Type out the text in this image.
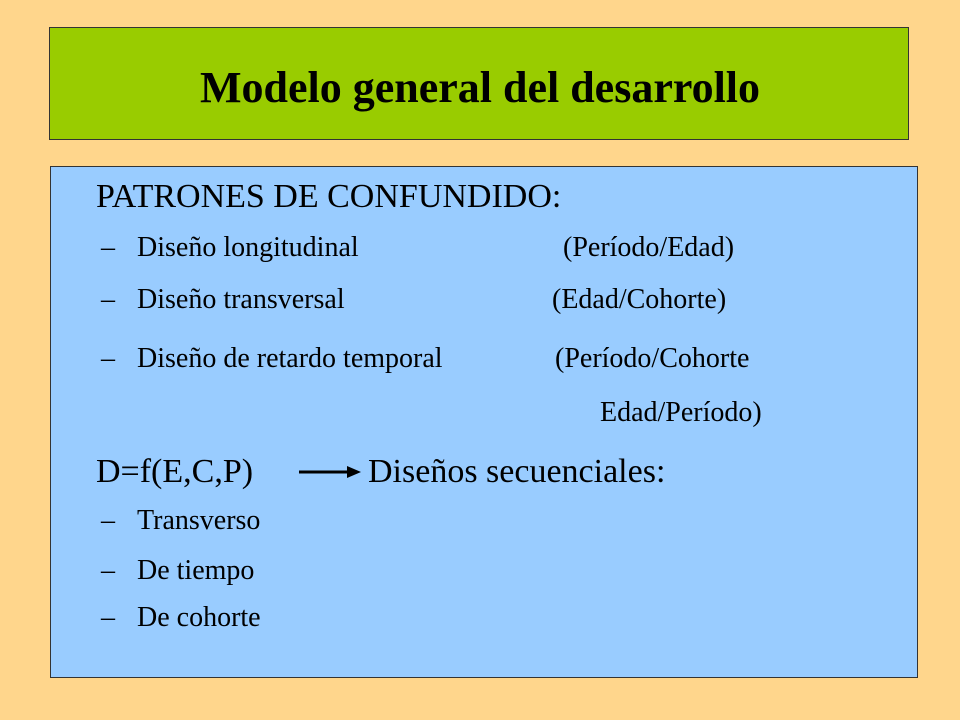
Modelo general del desarrollo
PATRONES DE CONFUNDIDO:
– Diseño longitudinal	(Período/Edad)
– Diseño transversal	(Edad/Cohorte)
– Diseño de retardo temporal	(Período/Cohorte
Edad/Período)
D=f(E,C,P)	Diseños secuenciales:
– Transverso
– De tiempo
– De cohorte
